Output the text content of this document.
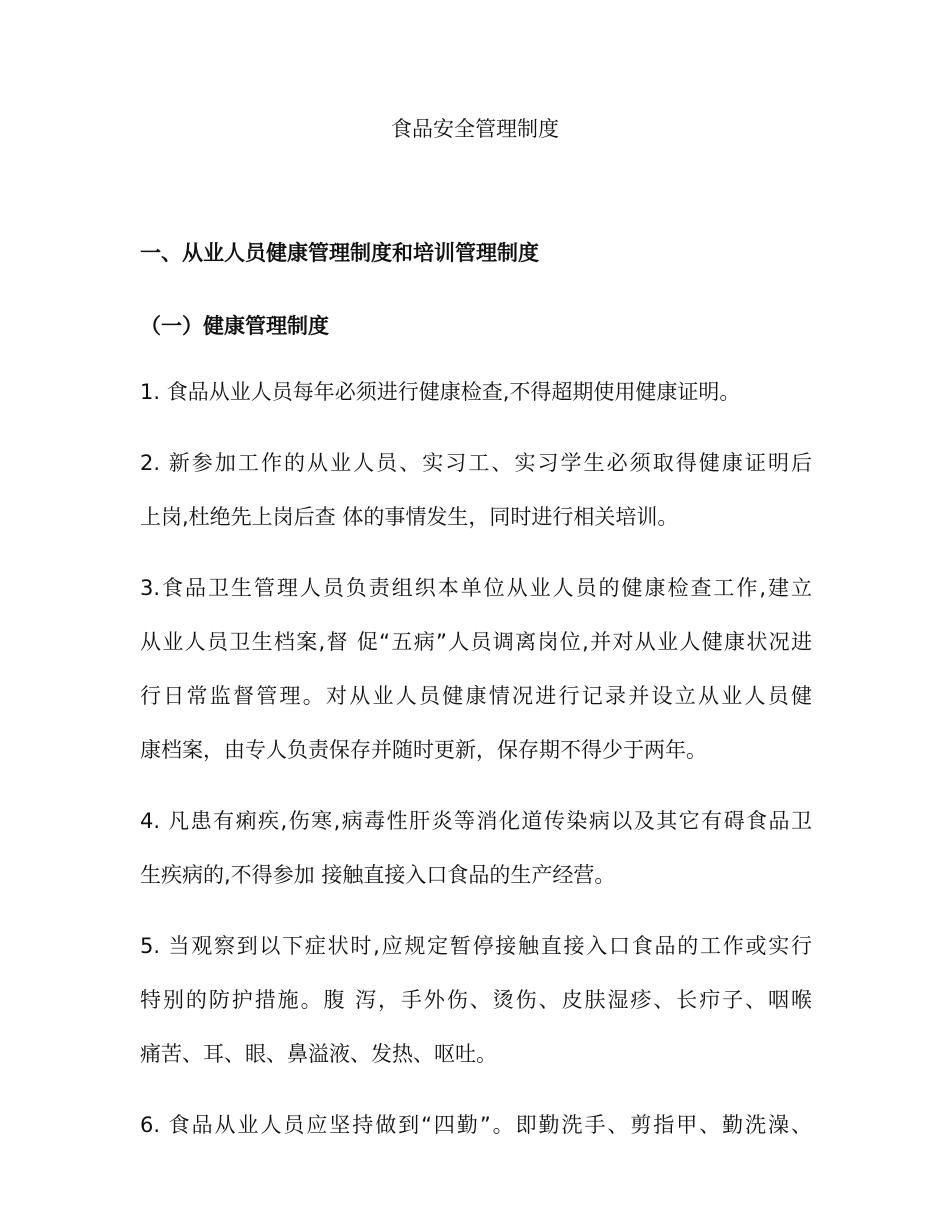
食品安全管理制度
一、从业人员健康管理制度和培训管理制度
（一）健康管理制度
1. 食品从业人员每年必须进行健康检查,不得超期使用健康证明。
2. 新参加工作的从业人员、实习工、实习学生必须取得健康证明后
上岗,杜绝先上岗后查 体的事情发生，同时进行相关培训。
3.食品卫生管理人员负责组织本单位从业人员的健康检查工作,建立
从业人员卫生档案,督 促“五病”人员调离岗位,并对从业人健康状况进
行日常监督管理。对从业人员健康情况进行记录并设立从业人员健
康档案，由专人负责保存并随时更新，保存期不得少于两年。
4. 凡患有痢疾,伤寒,病毒性肝炎等消化道传染病以及其它有碍食品卫
生疾病的,不得参加 接触直接入口食品的生产经营。
5. 当观察到以下症状时,应规定暂停接触直接入口食品的工作或实行
特别的防护措施。腹 泻，手外伤、烫伤、皮肤湿疹、长疖子、咽喉
痛苦、耳、眼、鼻溢液、发热、呕吐。
6. 食品从业人员应坚持做到“四勤”。即勤洗手、剪指甲、勤洗澡、
